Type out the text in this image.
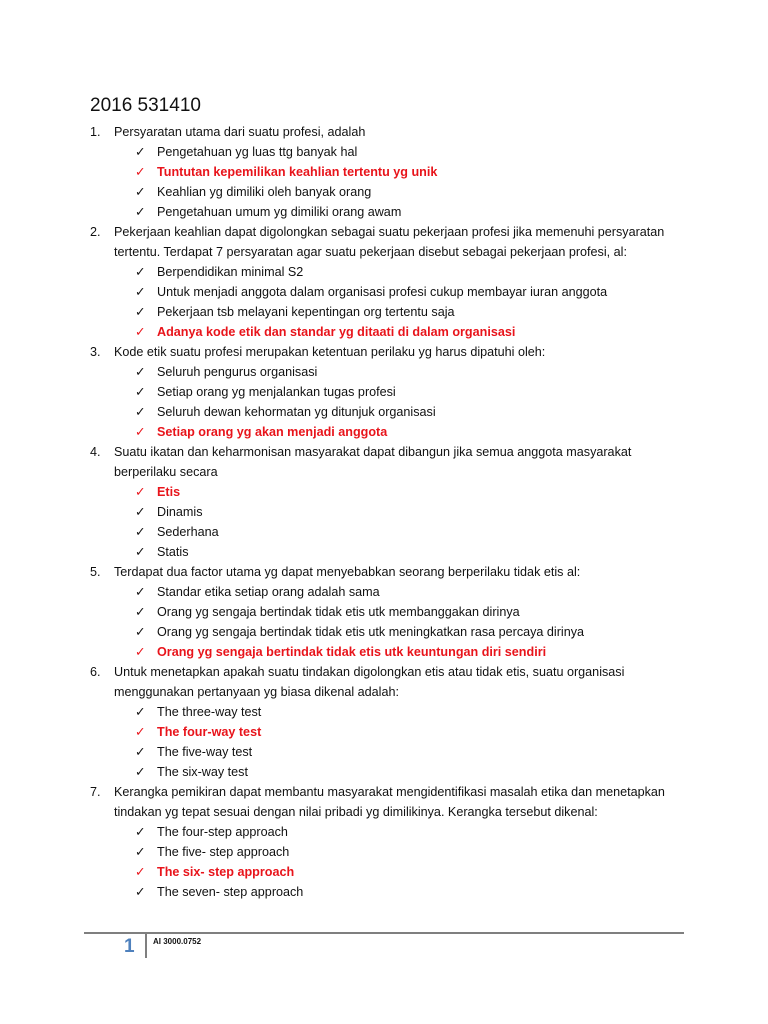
2016 531410
1.	Persyaratan utama dari suatu profesi, adalah
✓ Pengetahuan yg luas ttg banyak hal
✓ Tuntutan kepemilikan keahlian tertentu yg unik
✓ Keahlian yg dimiliki oleh banyak orang
✓ Pengetahuan umum yg dimiliki orang awam
2.	Pekerjaan keahlian dapat digolongkan sebagai suatu pekerjaan profesi jika memenuhi persyaratan tertentu. Terdapat 7 persyaratan agar suatu pekerjaan disebut sebagai pekerjaan profesi, al:
✓ Berpendidikan minimal S2
✓ Untuk menjadi anggota dalam organisasi profesi cukup membayar iuran anggota
✓ Pekerjaan tsb melayani kepentingan org tertentu saja
✓ Adanya kode etik dan standar yg ditaati di dalam organisasi
3.	Kode etik suatu profesi merupakan ketentuan perilaku yg harus dipatuhi oleh:
✓ Seluruh pengurus organisasi
✓ Setiap orang yg menjalankan tugas profesi
✓ Seluruh dewan kehormatan yg ditunjuk organisasi
✓ Setiap orang yg akan menjadi anggota
4.	Suatu ikatan dan keharmonisan masyarakat dapat dibangun jika semua anggota masyarakat berperilaku secara
✓ Etis
✓ Dinamis
✓ Sederhana
✓ Statis
5.	Terdapat dua factor utama yg dapat menyebabkan seorang berperilaku tidak etis al:
✓ Standar etika setiap orang adalah sama
✓ Orang yg sengaja bertindak tidak etis utk membanggakan dirinya
✓ Orang yg sengaja bertindak tidak etis utk meningkatkan rasa percaya dirinya
✓ Orang yg sengaja bertindak tidak etis utk keuntungan diri sendiri
6.	Untuk menetapkan apakah suatu tindakan digolongkan etis atau tidak etis, suatu organisasi menggunakan pertanyaan yg biasa dikenal adalah:
✓ The three-way test
✓ The four-way test
✓ The five-way test
✓ The six-way test
7.	Kerangka pemikiran dapat membantu masyarakat mengidentifikasi masalah etika dan menetapkan tindakan yg tepat sesuai dengan nilai pribadi yg dimilikinya. Kerangka tersebut dikenal:
✓ The four-step approach
✓ The five- step approach
✓ The six- step approach
✓ The seven- step approach
1 AI 3000.0752
